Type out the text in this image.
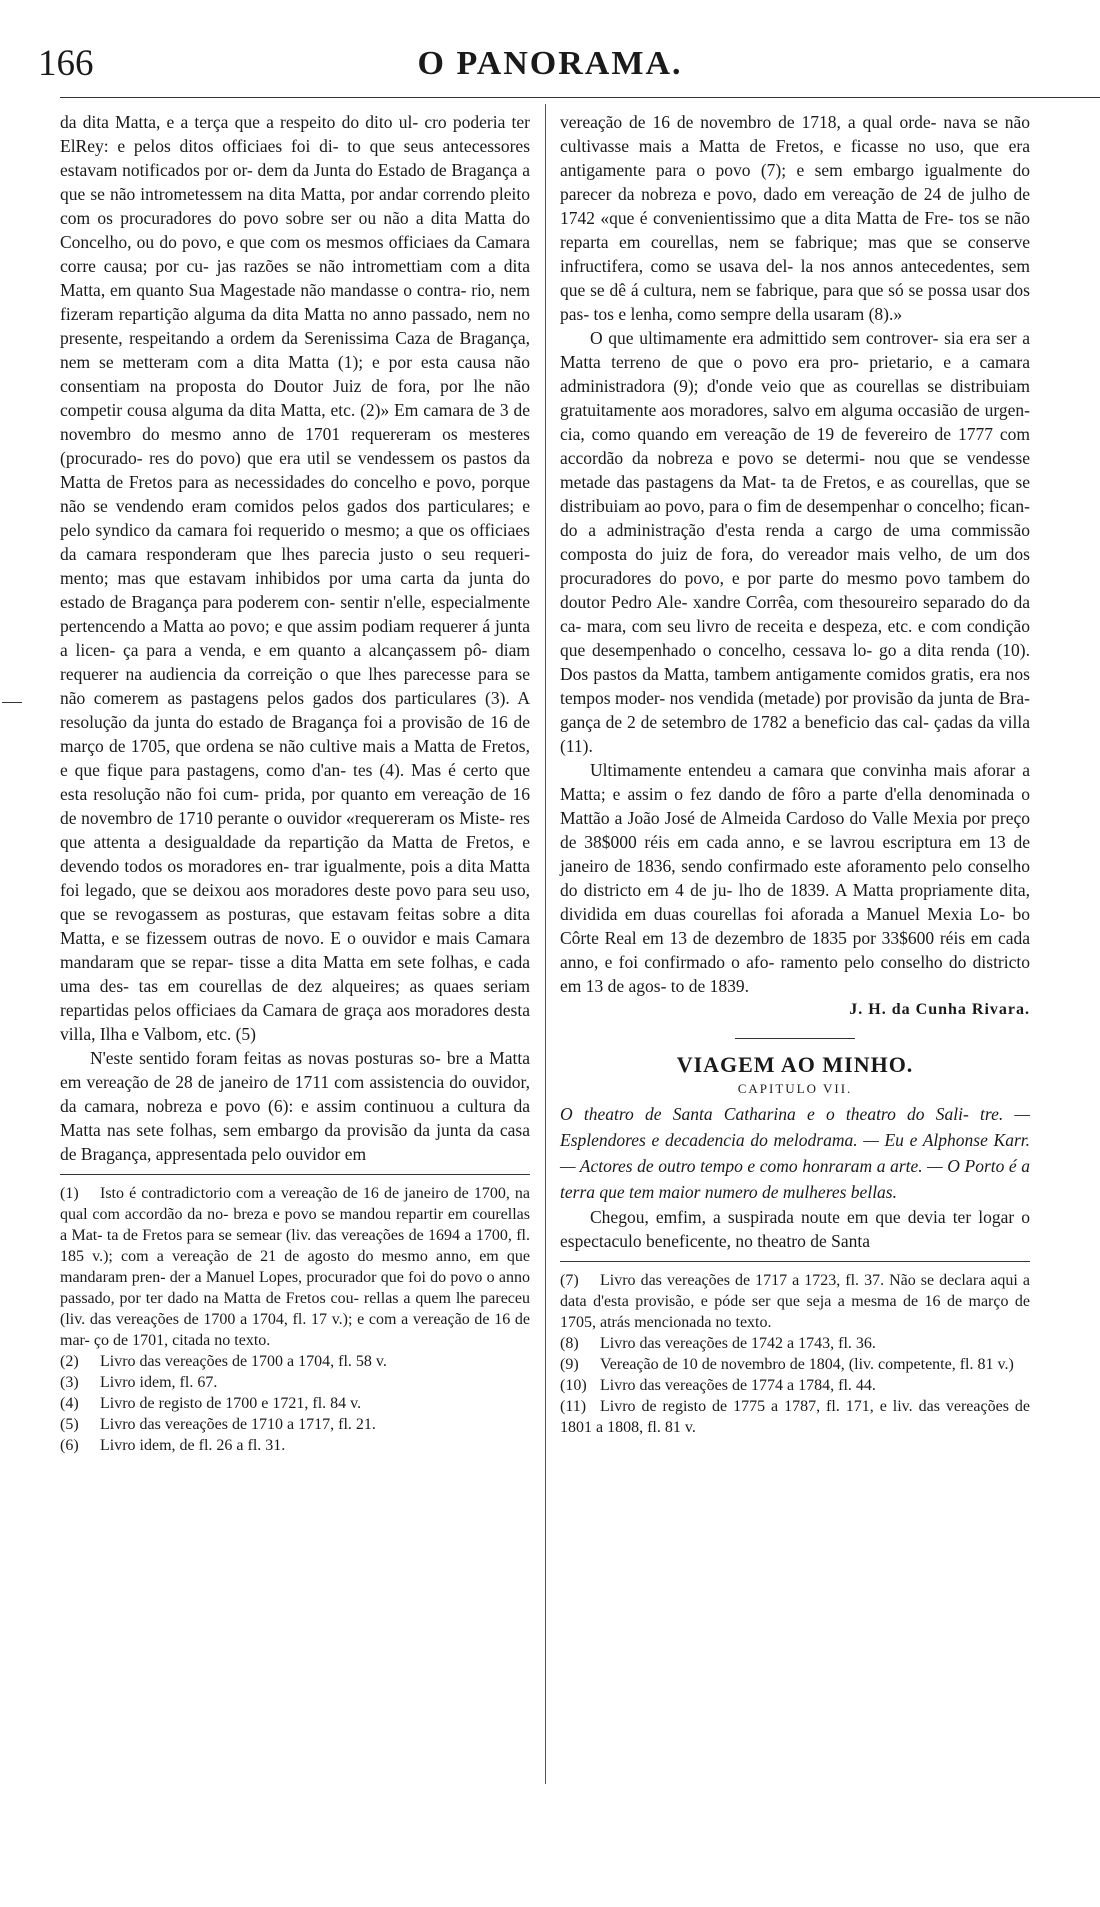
166	O PANORAMA.

da dita Matta, e a terça que a respeito do dito ul- cro poderia ter ElRey: e pelos ditos officiaes foi di- to que seus antecessores estavam notificados por or- dem da Junta do Estado de Bragança a que se não intrometessem na dita Matta, por andar correndo pleito com os procuradores do povo sobre ser ou não a dita Matta do Concelho, ou do povo, e que com os mesmos officiaes da Camara corre causa; por cu- jas razões se não intromettiam com a dita Matta, em quanto Sua Magestade não mandasse o contra- rio, nem fizeram repartição alguma da dita Matta no anno passado, nem no presente, respeitando a ordem da Serenissima Caza de Bragança, nem se metteram com a dita Matta (1); e por esta causa não consentiam na proposta do Doutor Juiz de fora, por lhe não competir cousa alguma da dita Matta, etc. (2)» Em camara de 3 de novembro do mesmo anno de 1701 requereram os mesteres (procurado- res do povo) que era util se vendessem os pastos da Matta de Fretos para as necessidades do concelho e povo, porque não se vendendo eram comidos pelos gados dos particulares; e pelo syndico da camara foi requerido o mesmo; a que os officiaes da camara responderam que lhes parecia justo o seu requeri- mento; mas que estavam inhibidos por uma carta da junta do estado de Bragança para poderem con- sentir n'elle, especialmente pertencendo a Matta ao povo; e que assim podiam requerer á junta a licen- ça para a venda, e em quanto a alcançassem pô- diam requerer na audiencia da correição o que lhes parecesse para se não comerem as pastagens pelos gados dos particulares (3). A resolução da junta do estado de Bragança foi a provisão de 16 de março de 1705, que ordena se não cultive mais a Matta de Fretos, e que fique para pastagens, como d'an- tes (4). Mas é certo que esta resolução não foi cum- prida, por quanto em vereação de 16 de novembro de 1710 perante o ouvidor «requereram os Miste- res que attenta a desigualdade da repartição da Matta de Fretos, e devendo todos os moradores en- trar igualmente, pois a dita Matta foi legado, que se deixou aos moradores deste povo para seu uso, que se revogassem as posturas, que estavam feitas sobre a dita Matta, e se fizessem outras de novo. E o ouvidor e mais Camara mandaram que se repar- tisse a dita Matta em sete folhas, e cada uma des- tas em courellas de dez alqueires; as quaes seriam repartidas pelos officiaes da Camara de graça aos moradores desta villa, Ilha e Valbom, etc. (5)

N'este sentido foram feitas as novas posturas so- bre a Matta em vereação de 28 de janeiro de 1711 com assistencia do ouvidor, da camara, nobreza e povo (6): e assim continuou a cultura da Matta nas sete folhas, sem embargo da provisão da junta da casa de Bragança, appresentada pelo ouvidor em

(1) Isto é contradictorio com a vereação de 16 de janeiro de 1700, na qual com accordão da no- breza e povo se mandou repartir em courellas a Mat- ta de Fretos para se semear (liv. das vereações de 1694 a 1700, fl. 185 v.); com a vereação de 21 de agosto do mesmo anno, em que mandaram pren- der a Manuel Lopes, procurador que foi do povo o anno passado, por ter dado na Matta de Fretos cou- rellas a quem lhe pareceu (liv. das vereações de 1700 a 1704, fl. 17 v.); e com a vereação de 16 de mar- ço de 1701, citada no texto.

(2) Livro das vereações de 1700 a 1704, fl. 58 v.

(3) Livro idem, fl. 67.

(4) Livro de registo de 1700 e 1721, fl. 84 v.

(5) Livro das vereações de 1710 a 1717, fl. 21.

(6) Livro idem, de fl. 26 a fl. 31.

vereação de 16 de novembro de 1718, a qual orde- nava se não cultivasse mais a Matta de Fretos, e ficasse no uso, que era antigamente para o povo (7); e sem embargo igualmente do parecer da nobreza e povo, dado em vereação de 24 de julho de 1742 «que é convenientissimo que a dita Matta de Fre- tos se não reparta em courellas, nem se fabrique; mas que se conserve infructifera, como se usava del- la nos annos antecedentes, sem que se dê á cultura, nem se fabrique, para que só se possa usar dos pas- tos e lenha, como sempre della usaram (8).»

O que ultimamente era admittido sem controver- sia era ser a Matta terreno de que o povo era pro- prietario, e a camara administradora (9); d'onde veio que as courellas se distribuiam gratuitamente aos moradores, salvo em alguma occasião de urgen- cia, como quando em vereação de 19 de fevereiro de 1777 com accordão da nobreza e povo se determi- nou que se vendesse metade das pastagens da Mat- ta de Fretos, e as courellas, que se distribuiam ao povo, para o fim de desempenhar o concelho; fican- do a administração d'esta renda a cargo de uma commissão composta do juiz de fora, do vereador mais velho, de um dos procuradores do povo, e por parte do mesmo povo tambem do doutor Pedro Ale- xandre Corrêa, com thesoureiro separado do da ca- mara, com seu livro de receita e despeza, etc. e com condição que desempenhado o concelho, cessava lo- go a dita renda (10). Dos pastos da Matta, tambem antigamente comidos gratis, era nos tempos moder- nos vendida (metade) por provisão da junta de Bra- gança de 2 de setembro de 1782 a beneficio das cal- çadas da villa (11).

Ultimamente entendeu a camara que convinha mais aforar a Matta; e assim o fez dando de fôro a parte d'ella denominada o Mattão a João José de Almeida Cardoso do Valle Mexia por preço de 38$000 réis em cada anno, e se lavrou escriptura em 13 de janeiro de 1836, sendo confirmado este aforamento pelo conselho do districto em 4 de ju- lho de 1839. A Matta propriamente dita, dividida em duas courellas foi aforada a Manuel Mexia Lo- bo Côrte Real em 13 de dezembro de 1835 por 33$600 réis em cada anno, e foi confirmado o afo- ramento pelo conselho do districto em 13 de agos- to de 1839.

J. H. da Cunha Rivara.

VIAGEM AO MINHO.

CAPITULO VII.

O theatro de Santa Catharina e o theatro do Sali- tre. — Esplendores e decadencia do melodrama. — Eu e Alphonse Karr. — Actores de outro tempo e como honraram a arte. — O Porto é a terra que tem maior numero de mulheres bellas.

Chegou, emfim, a suspirada noute em que devia ter logar o espectaculo beneficente, no theatro de Santa

(7) Livro das vereações de 1717 a 1723, fl. 37. Não se declara aqui a data d'esta provisão, e póde ser que seja a mesma de 16 de março de 1705, atrás mencionada no texto.

(8) Livro das vereações de 1742 a 1743, fl. 36.

(9) Vereação de 10 de novembro de 1804, (liv. competente, fl. 81 v.)

(10) Livro das vereações de 1774 a 1784, fl. 44.

(11) Livro de registo de 1775 a 1787, fl. 171, e liv. das vereações de 1801 a 1808, fl. 81 v.
